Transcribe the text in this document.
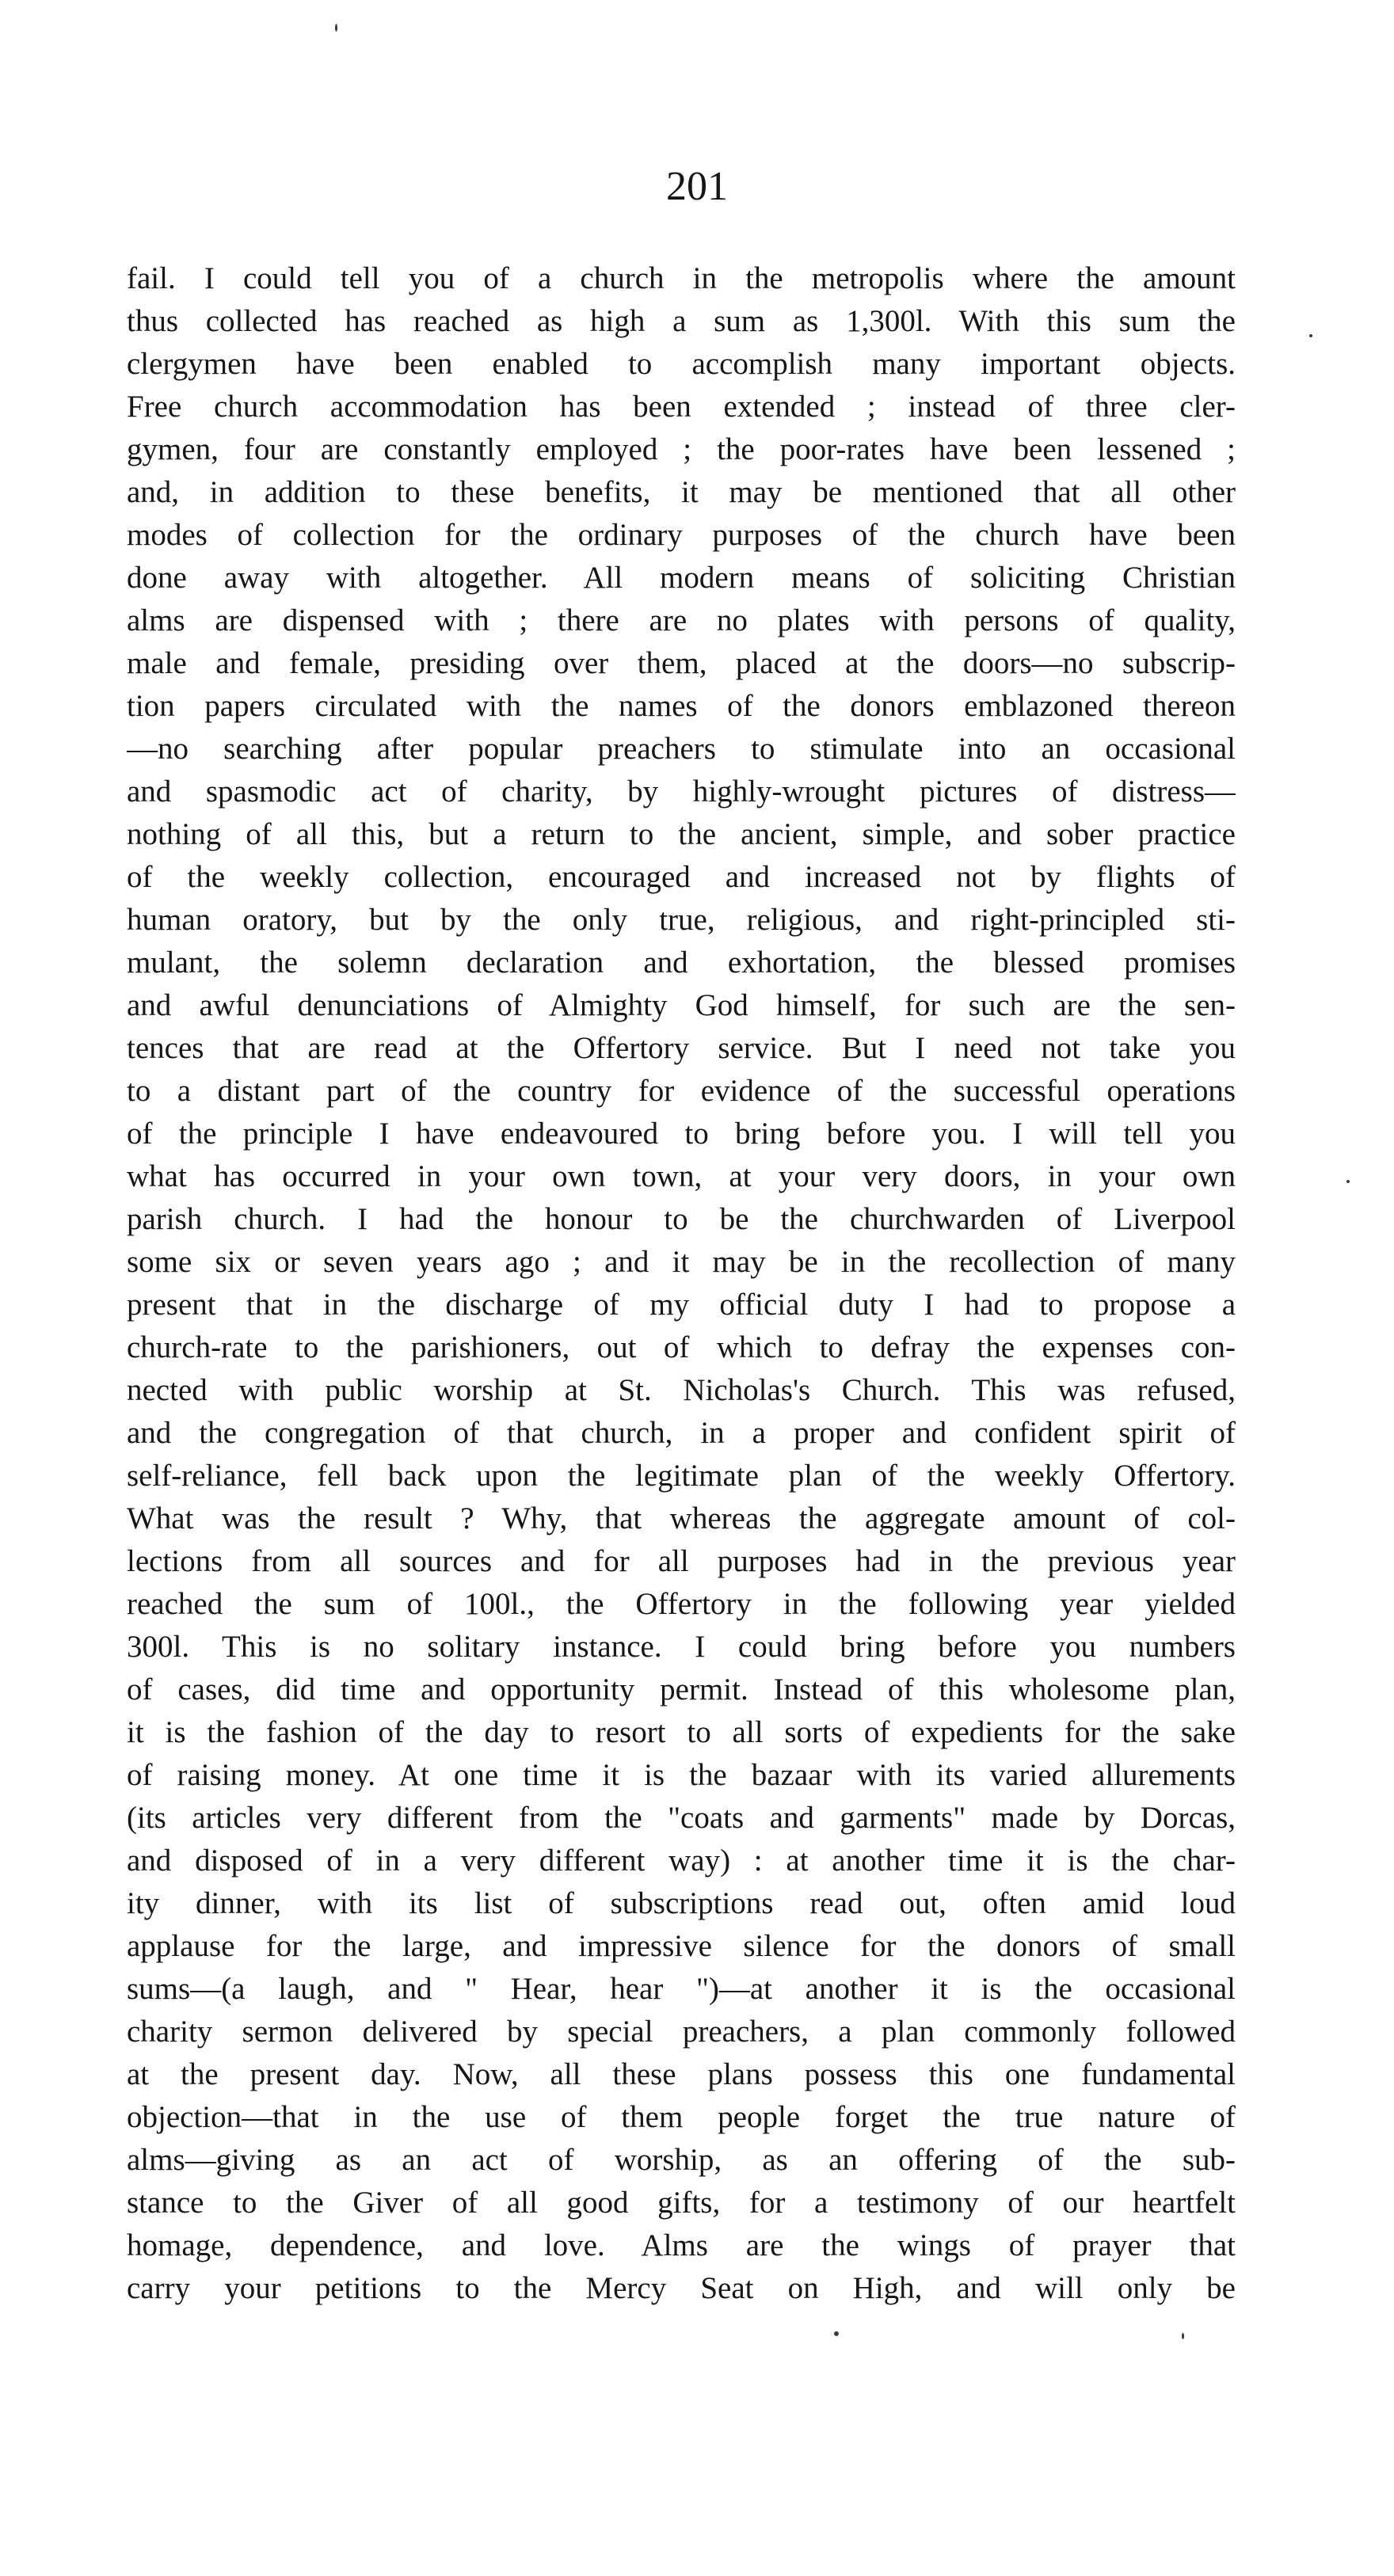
201
fail. I could tell you of a church in the metropolis where the amount
thus collected has reached as high a sum as 1,300l. With this sum the
clergymen have been enabled to accomplish many important objects.
Free church accommodation has been extended ; instead of three cler-
gymen, four are constantly employed ; the poor-rates have been lessened ;
and, in addition to these benefits, it may be mentioned that all other
modes of collection for the ordinary purposes of the church have been
done away with altogether. All modern means of soliciting Christian
alms are dispensed with ; there are no plates with persons of quality,
male and female, presiding over them, placed at the doors—no subscrip-
tion papers circulated with the names of the donors emblazoned thereon
—no searching after popular preachers to stimulate into an occasional
and spasmodic act of charity, by highly-wrought pictures of distress—
nothing of all this, but a return to the ancient, simple, and sober practice
of the weekly collection, encouraged and increased not by flights of
human oratory, but by the only true, religious, and right-principled sti-
mulant, the solemn declaration and exhortation, the blessed promises
and awful denunciations of Almighty God himself, for such are the sen-
tences that are read at the Offertory service. But I need not take you
to a distant part of the country for evidence of the successful operations
of the principle I have endeavoured to bring before you. I will tell you
what has occurred in your own town, at your very doors, in your own
parish church. I had the honour to be the churchwarden of Liverpool
some six or seven years ago ; and it may be in the recollection of many
present that in the discharge of my official duty I had to propose a
church-rate to the parishioners, out of which to defray the expenses con-
nected with public worship at St. Nicholas's Church. This was refused,
and the congregation of that church, in a proper and confident spirit of
self-reliance, fell back upon the legitimate plan of the weekly Offertory.
What was the result ? Why, that whereas the aggregate amount of col-
lections from all sources and for all purposes had in the previous year
reached the sum of 100l., the Offertory in the following year yielded
300l. This is no solitary instance. I could bring before you numbers
of cases, did time and opportunity permit. Instead of this wholesome plan,
it is the fashion of the day to resort to all sorts of expedients for the sake
of raising money. At one time it is the bazaar with its varied allurements
(its articles very different from the "coats and garments" made by Dorcas,
and disposed of in a very different way) : at another time it is the char-
ity dinner, with its list of subscriptions read out, often amid loud
applause for the large, and impressive silence for the donors of small
sums—(a laugh, and " Hear, hear ")—at another it is the occasional
charity sermon delivered by special preachers, a plan commonly followed
at the present day. Now, all these plans possess this one fundamental
objection—that in the use of them people forget the true nature of
alms—giving as an act of worship, as an offering of the sub-
stance to the Giver of all good gifts, for a testimony of our heartfelt
homage, dependence, and love. Alms are the wings of prayer that
carry your petitions to the Mercy Seat on High, and will only be
